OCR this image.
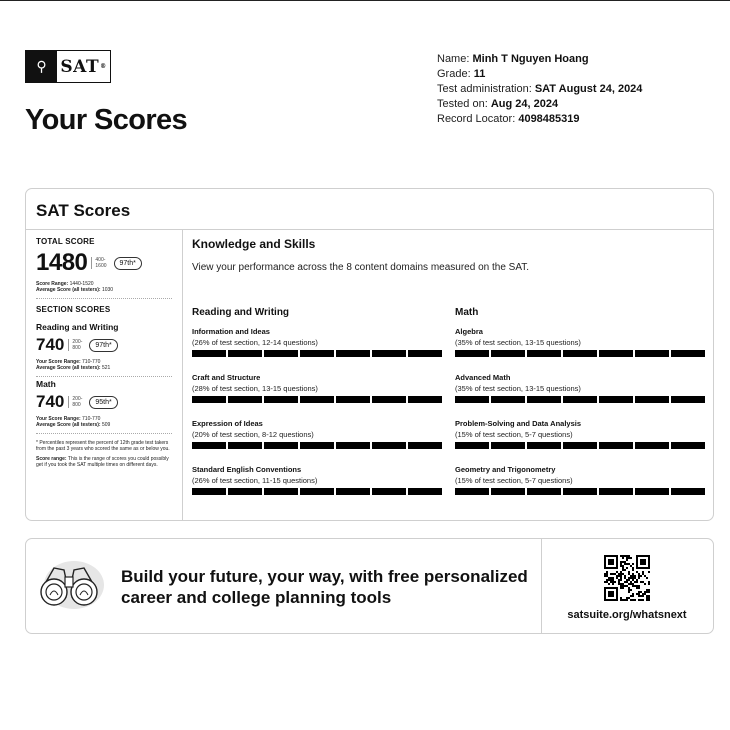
⚲ SAT ®
Your Scores
Name: Minh T Nguyen Hoang
Grade: 11
Test administration: SAT August 24, 2024
Tested on: Aug 24, 2024
Record Locator: 4098485319
SAT Scores
TOTAL SCORE
1480	400-
1600	97th*
Score Range: 1440-1520
Average Score (all testers): 1030
SECTION SCORES
Reading and Writing
740	200-
800	97th*
Your Score Range: 710-770
Average Score (all testers): 521
Math
740	200-
800	95th*
Your Score Range: 710-770
Average Score (all testers): 509
* Percentiles represent the percent of 12th grade test takers from the past 3 years who scored the same as or below you.
Score range: This is the range of scores you could possibly get if you took the SAT multiple times on different days.
Knowledge and Skills
View your performance across the 8 content domains measured on the SAT.
Reading and Writing	Math
Information and Ideas
(26% of test section, 12-14 questions)
Craft and Structure
(28% of test section, 13-15 questions)
Expression of Ideas
(20% of test section, 8-12 questions)
Standard English Conventions
(26% of test section, 11-15 questions)
Algebra
(35% of test section, 13-15 questions)
Advanced Math
(35% of test section, 13-15 questions)
Problem-Solving and Data Analysis
(15% of test section, 5-7 questions)
Geometry and Trigonometry
(15% of test section, 5-7 questions)
Build your future, your way, with free personalized
career and college planning tools
satsuite.org/whatsnext
